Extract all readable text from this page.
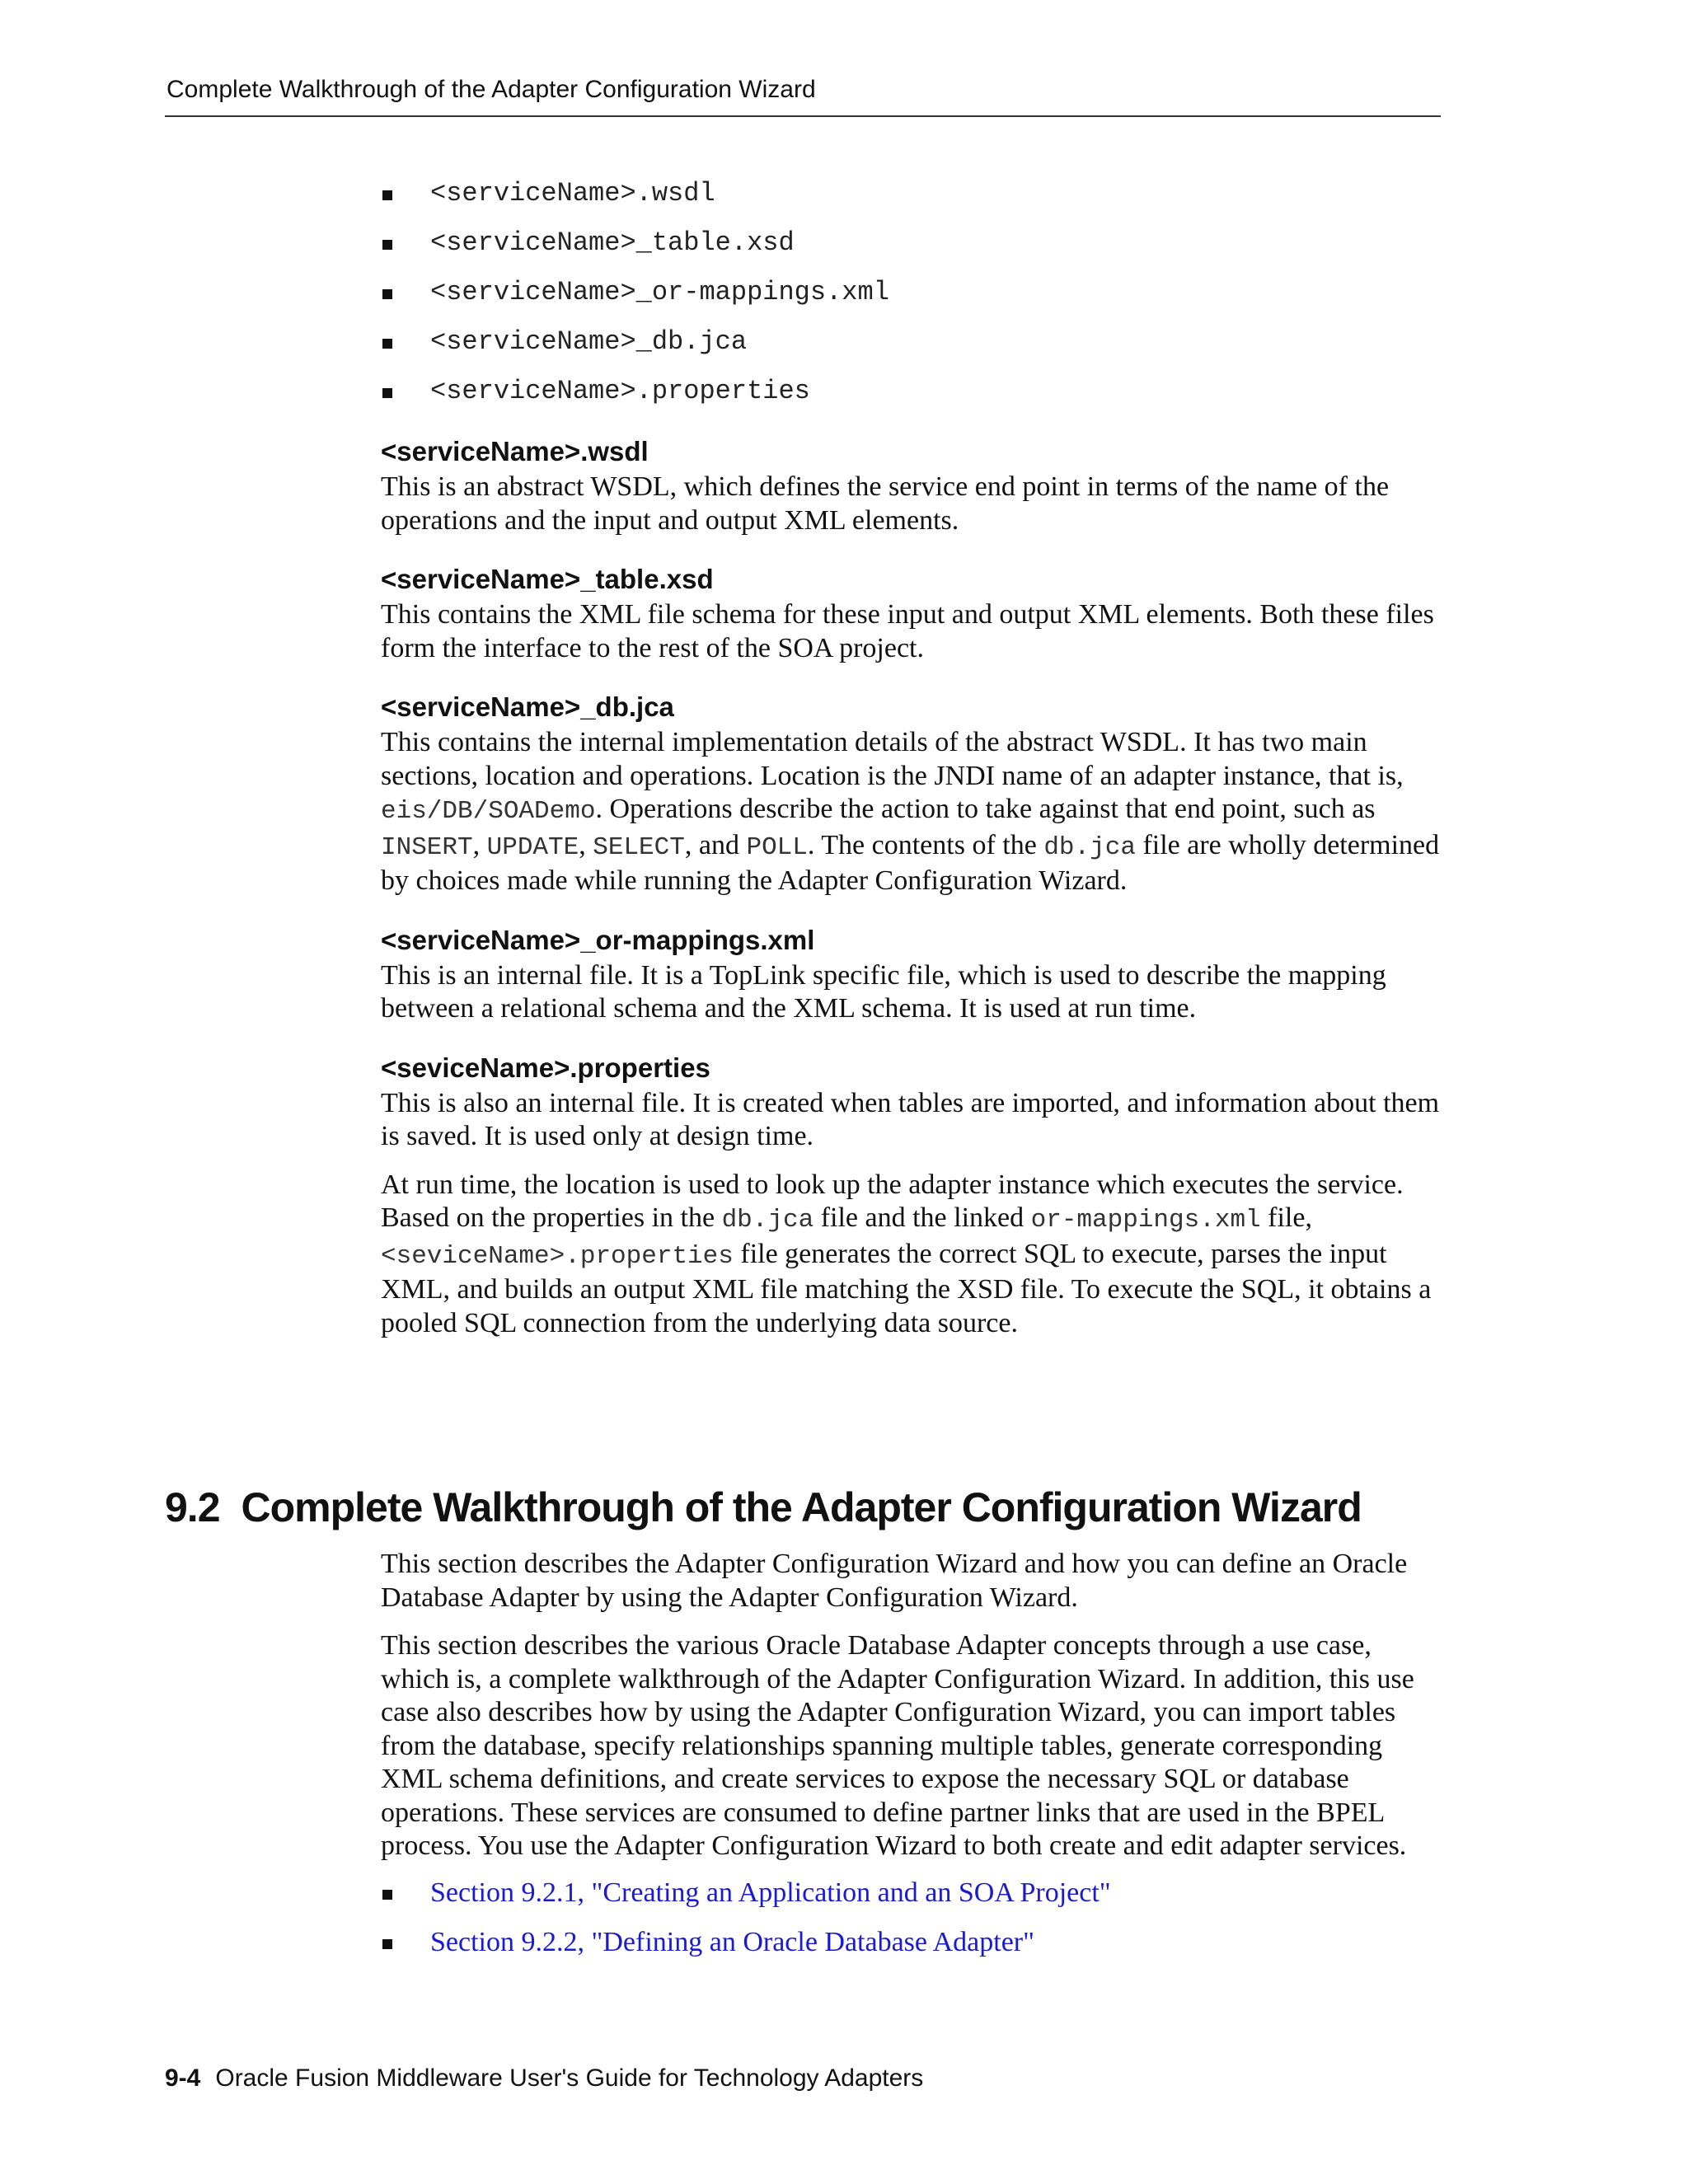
Complete Walkthrough of the Adapter Configuration Wizard
<serviceName>.wsdl
<serviceName>_table.xsd
<serviceName>_or-mappings.xml
<serviceName>_db.jca
<serviceName>.properties
<serviceName>.wsdl

This is an abstract WSDL, which defines the service end point in terms of the name of the operations and the input and output XML elements.

<serviceName>_table.xsd

This contains the XML file schema for these input and output XML elements. Both these files form the interface to the rest of the SOA project.

<serviceName>_db.jca

This contains the internal implementation details of the abstract WSDL. It has two main sections, location and operations. Location is the JNDI name of an adapter instance, that is, eis/DB/SOADemo. Operations describe the action to take against that end point, such as INSERT, UPDATE, SELECT, and POLL. The contents of the db.jca file are wholly determined by choices made while running the Adapter Configuration Wizard.

<serviceName>_or-mappings.xml

This is an internal file. It is a TopLink specific file, which is used to describe the mapping between a relational schema and the XML schema. It is used at run time.

<seviceName>.properties

This is also an internal file. It is created when tables are imported, and information about them is saved. It is used only at design time.

At run time, the location is used to look up the adapter instance which executes the service. Based on the properties in the db.jca file and the linked or-mappings.xml file, <seviceName>.properties file generates the correct SQL to execute, parses the input XML, and builds an output XML file matching the XSD file. To execute the SQL, it obtains a pooled SQL connection from the underlying data source.

9.2 Complete Walkthrough of the Adapter Configuration Wizard

This section describes the Adapter Configuration Wizard and how you can define an Oracle Database Adapter by using the Adapter Configuration Wizard.

This section describes the various Oracle Database Adapter concepts through a use case, which is, a complete walkthrough of the Adapter Configuration Wizard. In addition, this use case also describes how by using the Adapter Configuration Wizard, you can import tables from the database, specify relationships spanning multiple tables, generate corresponding XML schema definitions, and create services to expose the necessary SQL or database operations. These services are consumed to define partner links that are used in the BPEL process. You use the Adapter Configuration Wizard to both create and edit adapter services.

Section 9.2.1, "Creating an Application and an SOA Project"
Section 9.2.2, "Defining an Oracle Database Adapter"
9-4 Oracle Fusion Middleware User's Guide for Technology Adapters
